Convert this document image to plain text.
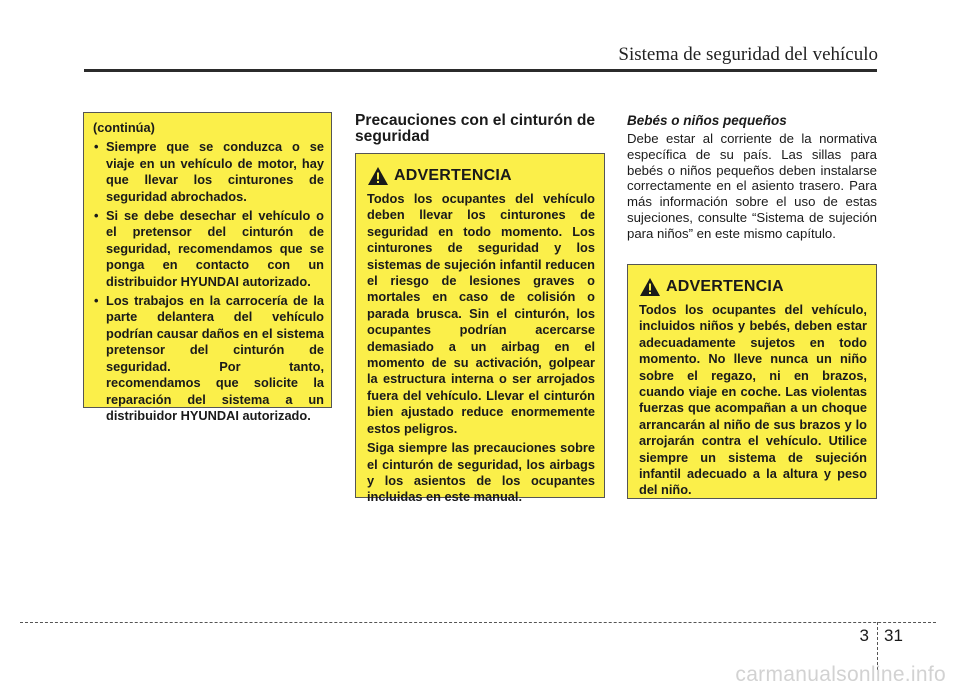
Sistema de seguridad del vehículo
(continúa)
• Siempre que se conduzca o se viaje en un vehículo de motor, hay que llevar los cinturones de seguridad abrochados.
• Si se debe desechar el vehículo o el pretensor del cinturón de seguridad, recomendamos que se ponga en contacto con un distribuidor HYUNDAI autorizado.
• Los trabajos en la carrocería de la parte delantera del vehículo podrían causar daños en el sistema pretensor del cinturón de seguridad. Por tanto, recomendamos que solicite la reparación del sistema a un distribuidor HYUNDAI autorizado.
Precauciones con el cinturón de seguridad
ADVERTENCIA

Todos los ocupantes del vehículo deben llevar los cinturones de seguridad en todo momento. Los cinturones de seguridad y los sistemas de sujeción infantil reducen el riesgo de lesiones graves o mortales en caso de colisión o parada brusca. Sin el cinturón, los ocupantes podrían acercarse demasiado a un airbag en el momento de su activación, golpear la estructura interna o ser arrojados fuera del vehículo. Llevar el cinturón bien ajustado reduce enormemente estos peligros.

Siga siempre las precauciones sobre el cinturón de seguridad, los airbags y los asientos de los ocupantes incluidas en este manual.

Bebés o niños pequeños
Debe estar al corriente de la normativa específica de su país. Las sillas para bebés o niños pequeños deben instalarse correctamente en el asiento trasero. Para más información sobre el uso de estas sujeciones, consulte “Sistema de sujeción para niños” en este mismo capítulo.
ADVERTENCIA

Todos los ocupantes del vehículo, incluidos niños y bebés, deben estar adecuadamente sujetos en todo momento. No lleve nunca un niño sobre el regazo, ni en brazos, cuando viaje en coche. Las violentas fuerzas que acompañan a un choque arrancarán al niño de sus brazos y lo arrojarán contra el vehículo. Utilice siempre un sistema de sujeción infantil adecuado a la altura y peso del niño.

3 31
carmanualsonline.info
